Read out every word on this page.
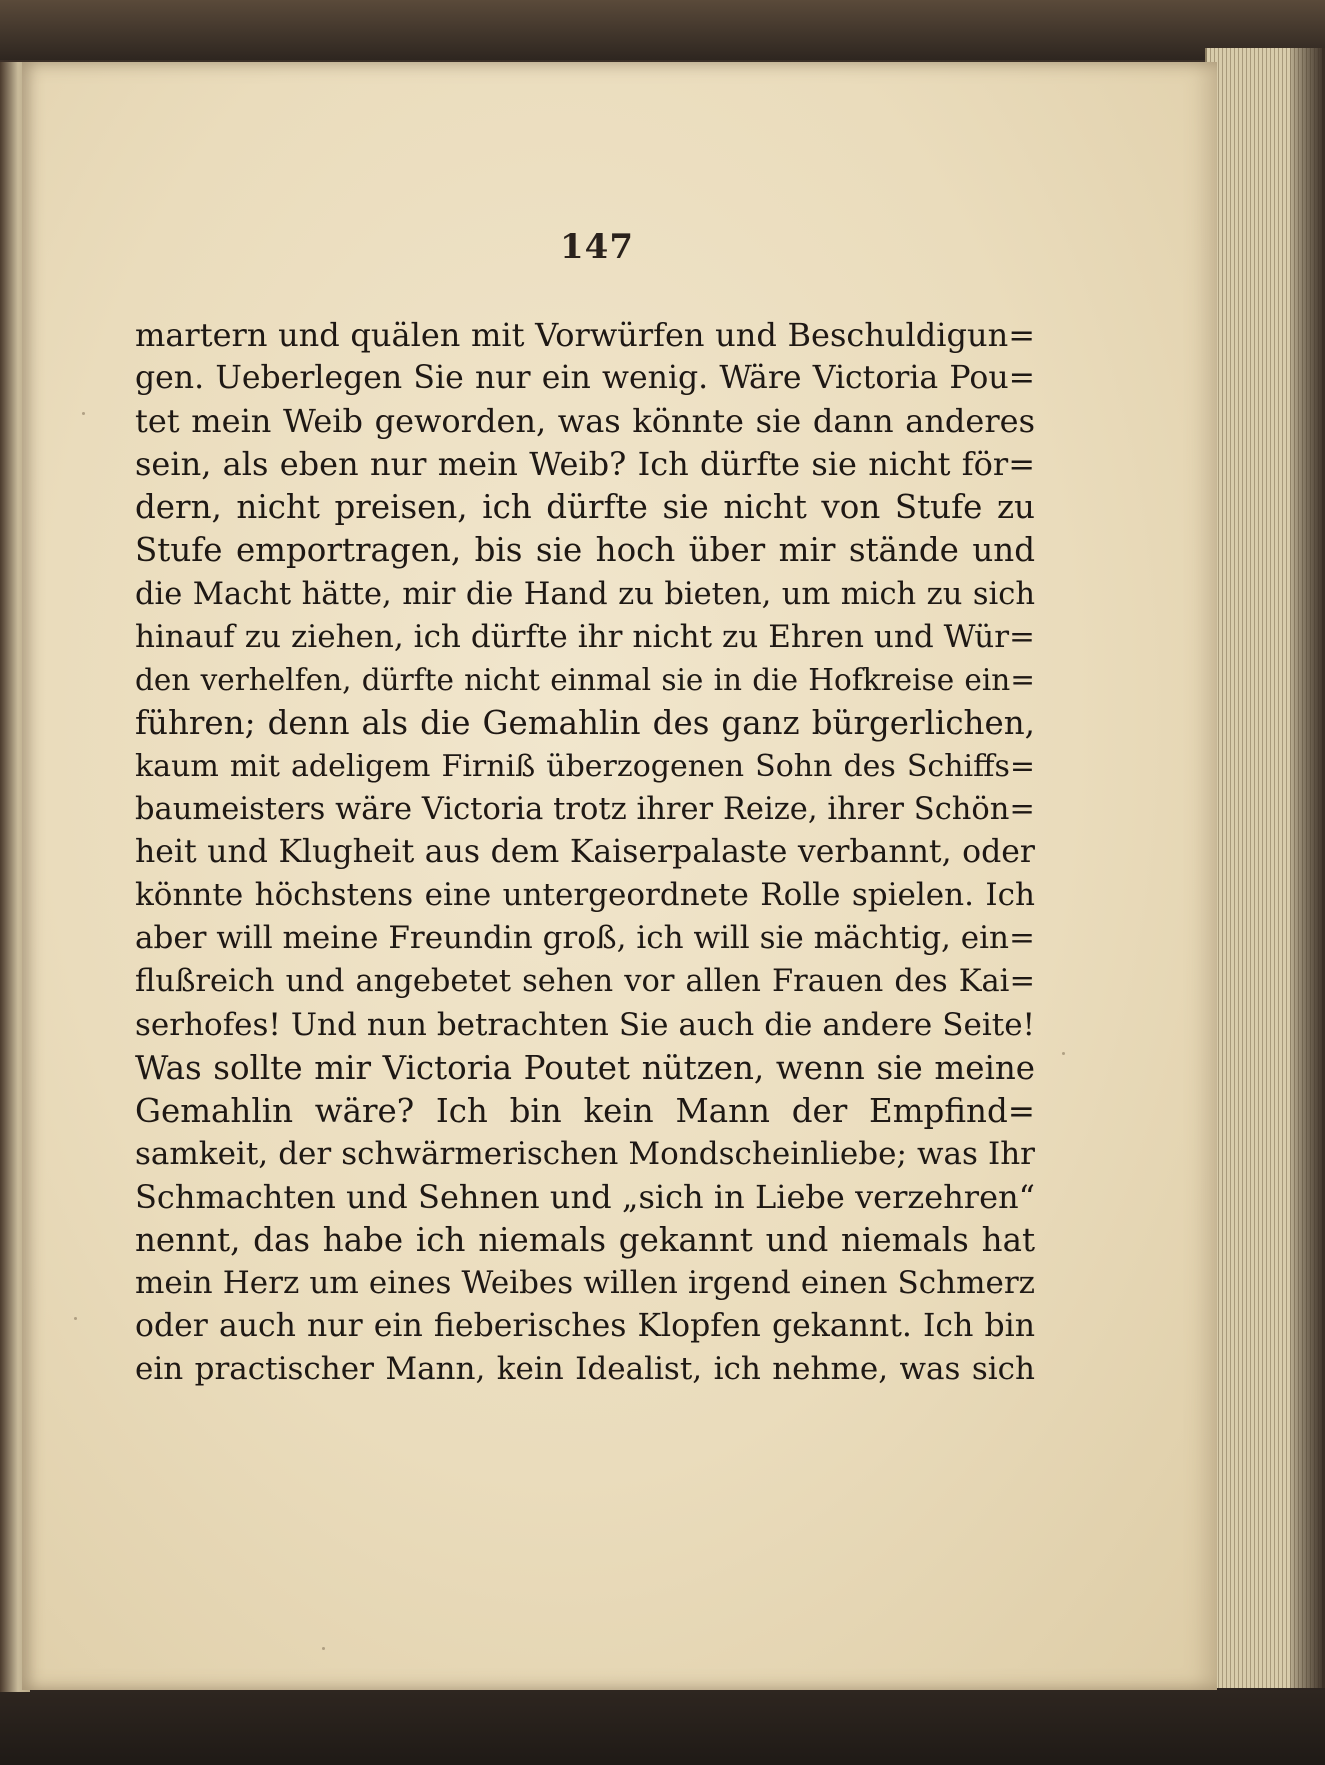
147
martern und quälen mit Vorwürfen und Beschuldigun=
gen. Ueberlegen Sie nur ein wenig. Wäre Victoria Pou=
tet mein Weib geworden, was könnte sie dann anderes
sein, als eben nur mein Weib? Ich dürfte sie nicht för=
dern, nicht preisen, ich dürfte sie nicht von Stufe zu
Stufe emportragen, bis sie hoch über mir stände und
die Macht hätte, mir die Hand zu bieten, um mich zu sich
hinauf zu ziehen, ich dürfte ihr nicht zu Ehren und Wür=
den verhelfen, dürfte nicht einmal sie in die Hofkreise ein=
führen; denn als die Gemahlin des ganz bürgerlichen,
kaum mit adeligem Firniß überzogenen Sohn des Schiffs=
baumeisters wäre Victoria trotz ihrer Reize, ihrer Schön=
heit und Klugheit aus dem Kaiserpalaste verbannt, oder
könnte höchstens eine untergeordnete Rolle spielen. Ich
aber will meine Freundin groß, ich will sie mächtig, ein=
flußreich und angebetet sehen vor allen Frauen des Kai=
serhofes! Und nun betrachten Sie auch die andere Seite!
Was sollte mir Victoria Poutet nützen, wenn sie meine
Gemahlin wäre? Ich bin kein Mann der Empfind=
samkeit, der schwärmerischen Mondscheinliebe; was Ihr
Schmachten und Sehnen und „sich in Liebe verzehren“
nennt, das habe ich niemals gekannt und niemals hat
mein Herz um eines Weibes willen irgend einen Schmerz
oder auch nur ein fieberisches Klopfen gekannt. Ich bin
ein practischer Mann, kein Idealist, ich nehme, was sich
